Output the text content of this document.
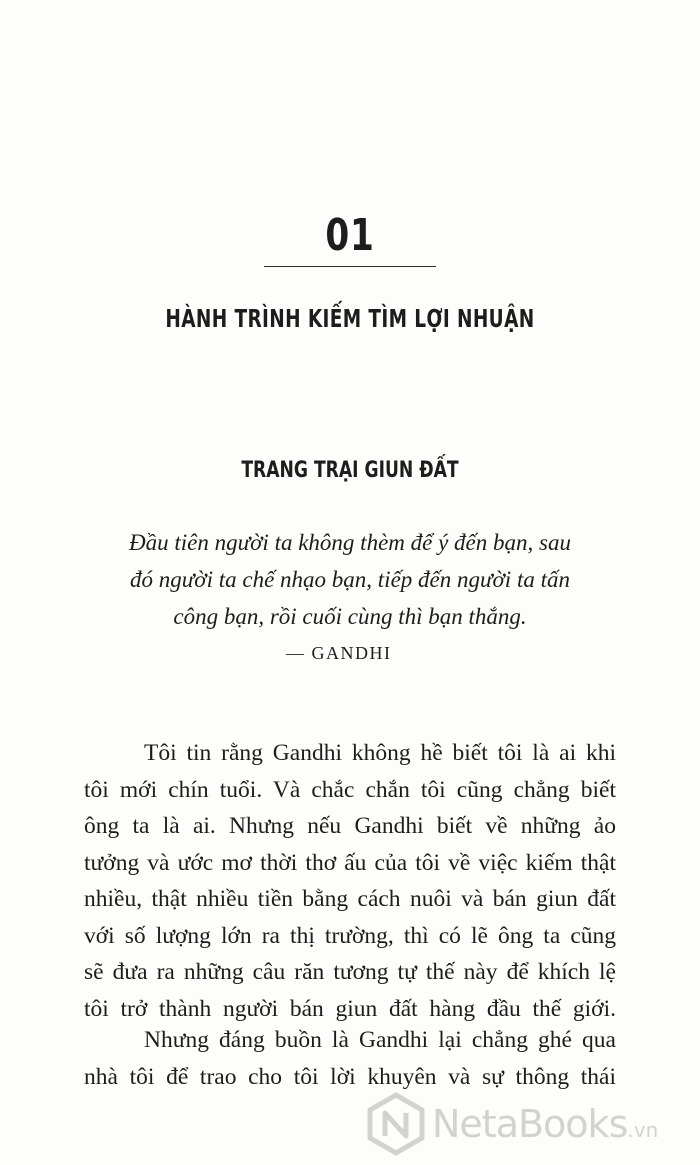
01
HÀNH TRÌNH KIẾM TÌM LỢI NHUẬN
TRANG TRẠI GIUN ĐẤT
Đầu tiên người ta không thèm để ý đến bạn, sau
đó người ta chế nhạo bạn, tiếp đến người ta tấn
công bạn, rồi cuối cùng thì bạn thắng.
— GANDHI
Tôi tin rằng Gandhi không hề biết tôi là ai khi
tôi mới chín tuổi. Và chắc chắn tôi cũng chẳng biết
ông ta là ai. Nhưng nếu Gandhi biết về những ảo
tưởng và ước mơ thời thơ ấu của tôi về việc kiếm thật
nhiều, thật nhiều tiền bằng cách nuôi và bán giun đất
với số lượng lớn ra thị trường, thì có lẽ ông ta cũng
sẽ đưa ra những câu răn tương tự thế này để khích lệ
tôi trở thành người bán giun đất hàng đầu thế giới.
Nhưng đáng buồn là Gandhi lại chẳng ghé qua
nhà tôi để trao cho tôi lời khuyên và sự thông thái
NetaBooks.vn
